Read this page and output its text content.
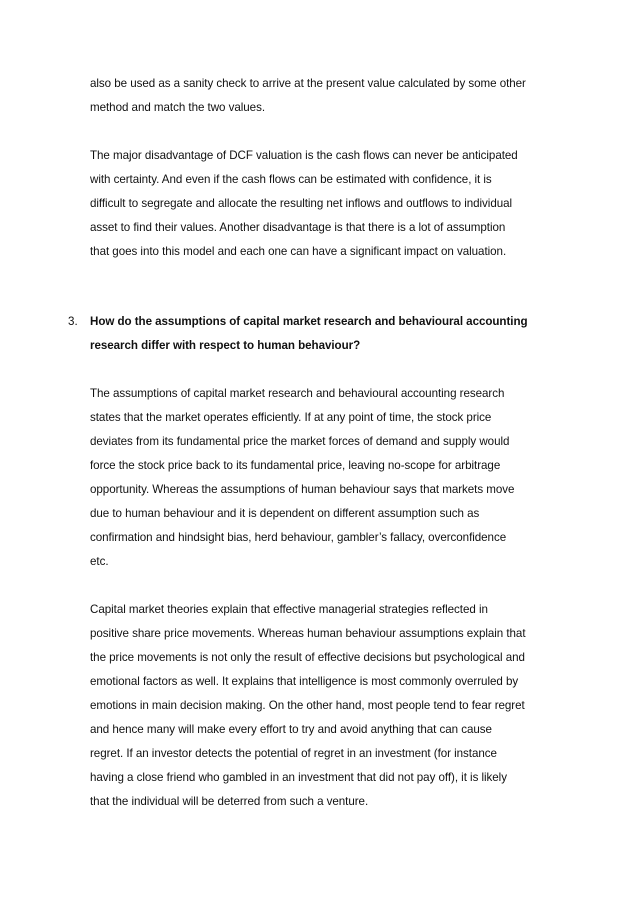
also be used as a sanity check to arrive at the present value calculated by some other
method and match the two values.
The major disadvantage of DCF valuation is the cash flows can never be anticipated
with certainty. And even if the cash flows can be estimated with confidence, it is
difficult to segregate and allocate the resulting net inflows and outflows to individual
asset to find their values. Another disadvantage is that there is a lot of assumption
that goes into this model and each one can have a significant impact on valuation.
3. How do the assumptions of capital market research and behavioural accounting
research differ with respect to human behaviour?
The assumptions of capital market research and behavioural accounting research
states that the market operates efficiently. If at any point of time, the stock price
deviates from its fundamental price the market forces of demand and supply would
force the stock price back to its fundamental price, leaving no-scope for arbitrage
opportunity. Whereas the assumptions of human behaviour says that markets move
due to human behaviour and it is dependent on different assumption such as
confirmation and hindsight bias, herd behaviour, gambler’s fallacy, overconfidence
etc.
Capital market theories explain that effective managerial strategies reflected in
positive share price movements. Whereas human behaviour assumptions explain that
the price movements is not only the result of effective decisions but psychological and
emotional factors as well. It explains that intelligence is most commonly overruled by
emotions in main decision making. On the other hand, most people tend to fear regret
and hence many will make every effort to try and avoid anything that can cause
regret. If an investor detects the potential of regret in an investment (for instance
having a close friend who gambled in an investment that did not pay off), it is likely
that the individual will be deterred from such a venture.
